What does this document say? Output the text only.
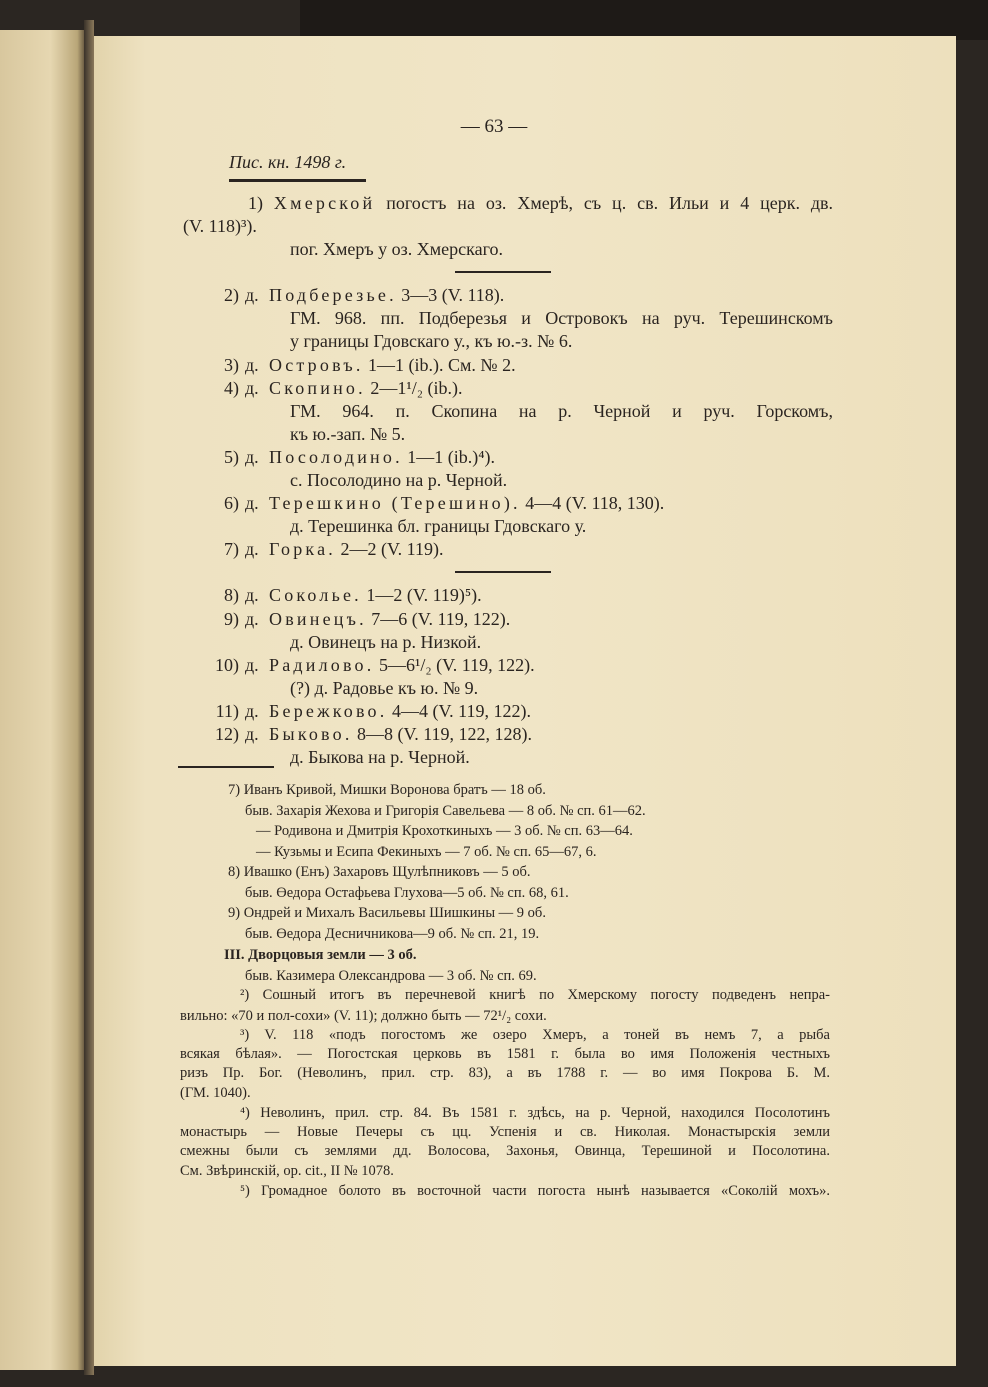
— 63 —
Пис. кн. 1498 г.
1) Хмерской погостъ на оз. Хмерѣ, съ ц. св. Ильи и 4 церк. дв.
(V. 118)³).
пог. Хмеръ у оз. Хмерскаго.
2) д. Подберезье. 3—3 (V. 118).
ГМ. 968. пп. Подберезья и Островокъ на руч. Терешинскомъ
у границы Гдовскаго у., къ ю.-з. № 6.
3) д. Островъ. 1—1 (ib.). См. № 2.
4) д. Скопино. 2—1¹/₂ (ib.).
ГМ. 964. п. Скопина на р. Черной и руч. Горскомъ,
къ ю.-зап. № 5.
5) д. Посолодино. 1—1 (ib.)⁴).
с. Посолодино на р. Черной.
6) д. Терешкино (Терешино). 4—4 (V. 118, 130).
д. Терешинка бл. границы Гдовскаго у.
7) д. Горка. 2—2 (V. 119).
8) д. Соколье. 1—2 (V. 119)⁵).
9) д. Овинецъ. 7—6 (V. 119, 122).
д. Овинецъ на р. Низкой.
10) д. Радилово. 5—6¹/₂ (V. 119, 122).
(?) д. Радовье къ ю. № 9.
11) д. Бережково. 4—4 (V. 119, 122).
12) д. Быково. 8—8 (V. 119, 122, 128).
д. Быкова на р. Черной.
7) Иванъ Кривой, Мишки Воронова братъ — 18 об.
быв. Захарія Жехова и Григорія Савельева — 8 об. № сп. 61—62.
— Родивона и Дмитрія Крохоткиныхъ — 3 об. № сп. 63—64.
— Кузьмы и Есипа Фекиныхъ — 7 об. № сп. 65—67, 6.
8) Ивашко (Енъ) Захаровъ Щулѣпниковъ — 5 об.
быв. Өедора Остафьева Глухова—5 об. № сп. 68, 61.
9) Ондрей и Михалъ Васильевы Шишкины — 9 об.
быв. Өедора Десничникова—9 об. № сп. 21, 19.
III. Дворцовыя земли — 3 об.
быв. Казимера Олександрова — 3 об. № сп. 69.
²) Сошный итогъ въ перечневой книгѣ по Хмерскому погосту подведенъ непра-
вильно: «70 и пол-сохи» (V. 11); должно быть — 72¹/₂ сохи.
³) V. 118 «подъ погостомъ же озеро Хмеръ, а тоней въ немъ 7, а рыба
всякая бѣлая». — Погостская церковь въ 1581 г. была во имя Положенія честныхъ
ризъ Пр. Бог. (Неволинъ, прил. стр. 83), а въ 1788 г. — во имя Покрова Б. М.
(ГМ. 1040).
⁴) Неволинъ, прил. стр. 84. Въ 1581 г. здѣсь, на р. Черной, находился Посолотинъ
монастырь — Новые Печеры съ цц. Успенія и св. Николая. Монастырскія земли
смежны были съ землями дд. Волосова, Захонья, Овинца, Терешиной и Посолотина.
См. Звѣринскій, op. cit., II № 1078.
⁵) Громадное болото въ восточной части погоста нынѣ называется «Соколій мохъ».
